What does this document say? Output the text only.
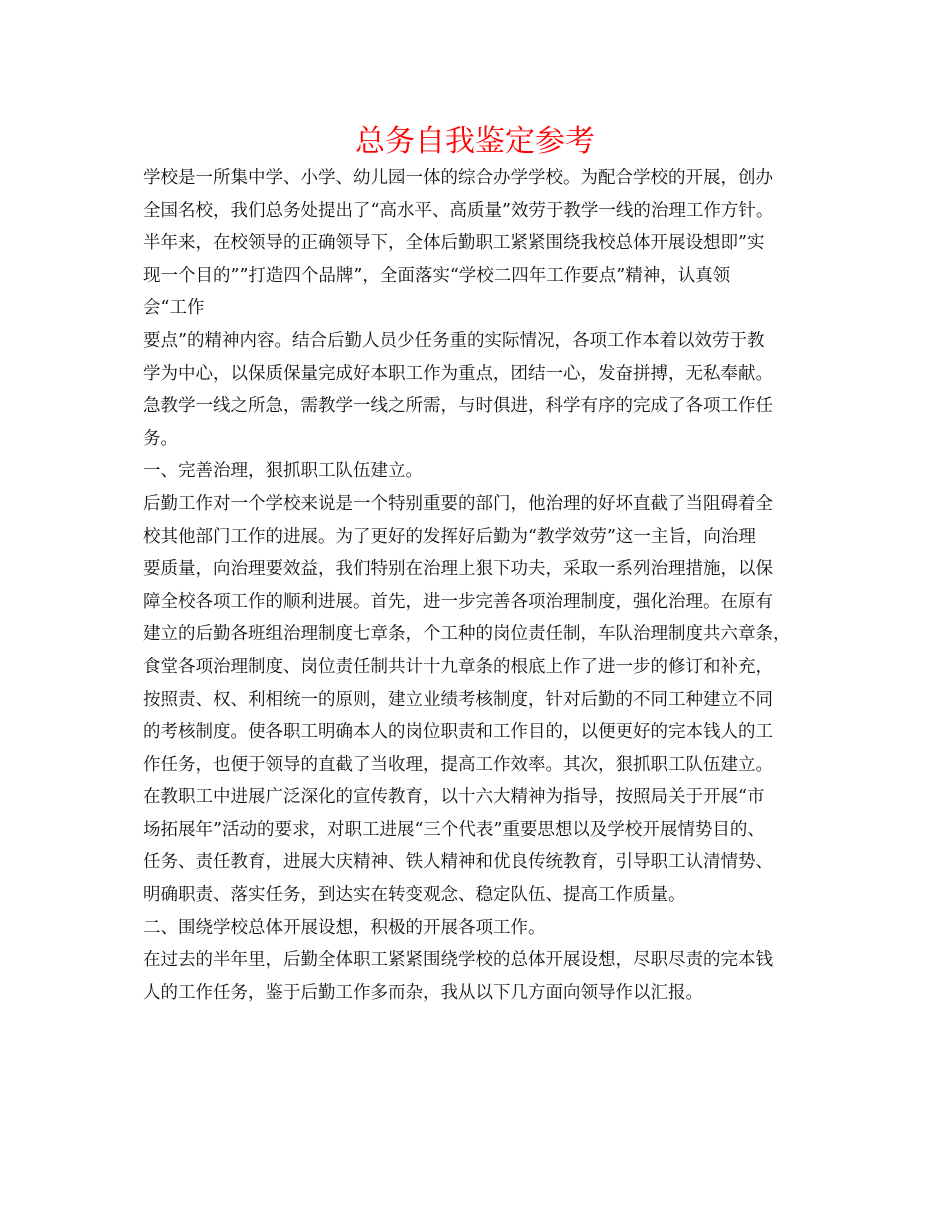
总务自我鉴定参考
学校是一所集中学、小学、幼儿园一体的综合办学学校。为配合学校的开展，创办
全国名校，我们总务处提出了“高水平、高质量”效劳于教学一线的治理工作方针。
半年来，在校领导的正确领导下，全体后勤职工紧紧围绕我校总体开展设想即”实
现一个目的””打造四个品牌”，全面落实“学校二四年工作要点”精神，认真领
会“工作
要点”的精神内容。结合后勤人员少任务重的实际情况，各项工作本着以效劳于教
学为中心，以保质保量完成好本职工作为重点，团结一心，发奋拼搏，无私奉献。
急教学一线之所急，需教学一线之所需，与时俱进，科学有序的完成了各项工作任
务。
一、完善治理，狠抓职工队伍建立。
后勤工作对一个学校来说是一个特别重要的部门，他治理的好坏直截了当阻碍着全
校其他部门工作的进展。为了更好的发挥好后勤为“教学效劳”这一主旨，向治理
要质量，向治理要效益，我们特别在治理上狠下功夫，采取一系列治理措施，以保
障全校各项工作的顺利进展。首先，进一步完善各项治理制度，强化治理。在原有
建立的后勤各班组治理制度七章条，个工种的岗位责任制，车队治理制度共六章条，
食堂各项治理制度、岗位责任制共计十九章条的根底上作了进一步的修订和补充，
按照责、权、利相统一的原则，建立业绩考核制度，针对后勤的不同工种建立不同
的考核制度。使各职工明确本人的岗位职责和工作目的，以便更好的完本钱人的工
作任务，也便于领导的直截了当收理，提高工作效率。其次，狠抓职工队伍建立。
在教职工中进展广泛深化的宣传教育，以十六大精神为指导，按照局关于开展“市
场拓展年”活动的要求，对职工进展“三个代表”重要思想以及学校开展情势目的、
任务、责任教育，进展大庆精神、铁人精神和优良传统教育，引导职工认清情势、
明确职责、落实任务，到达实在转变观念、稳定队伍、提高工作质量。
二、围绕学校总体开展设想，积极的开展各项工作。
在过去的半年里，后勤全体职工紧紧围绕学校的总体开展设想，尽职尽责的完本钱
人的工作任务，鉴于后勤工作多而杂，我从以下几方面向领导作以汇报。
